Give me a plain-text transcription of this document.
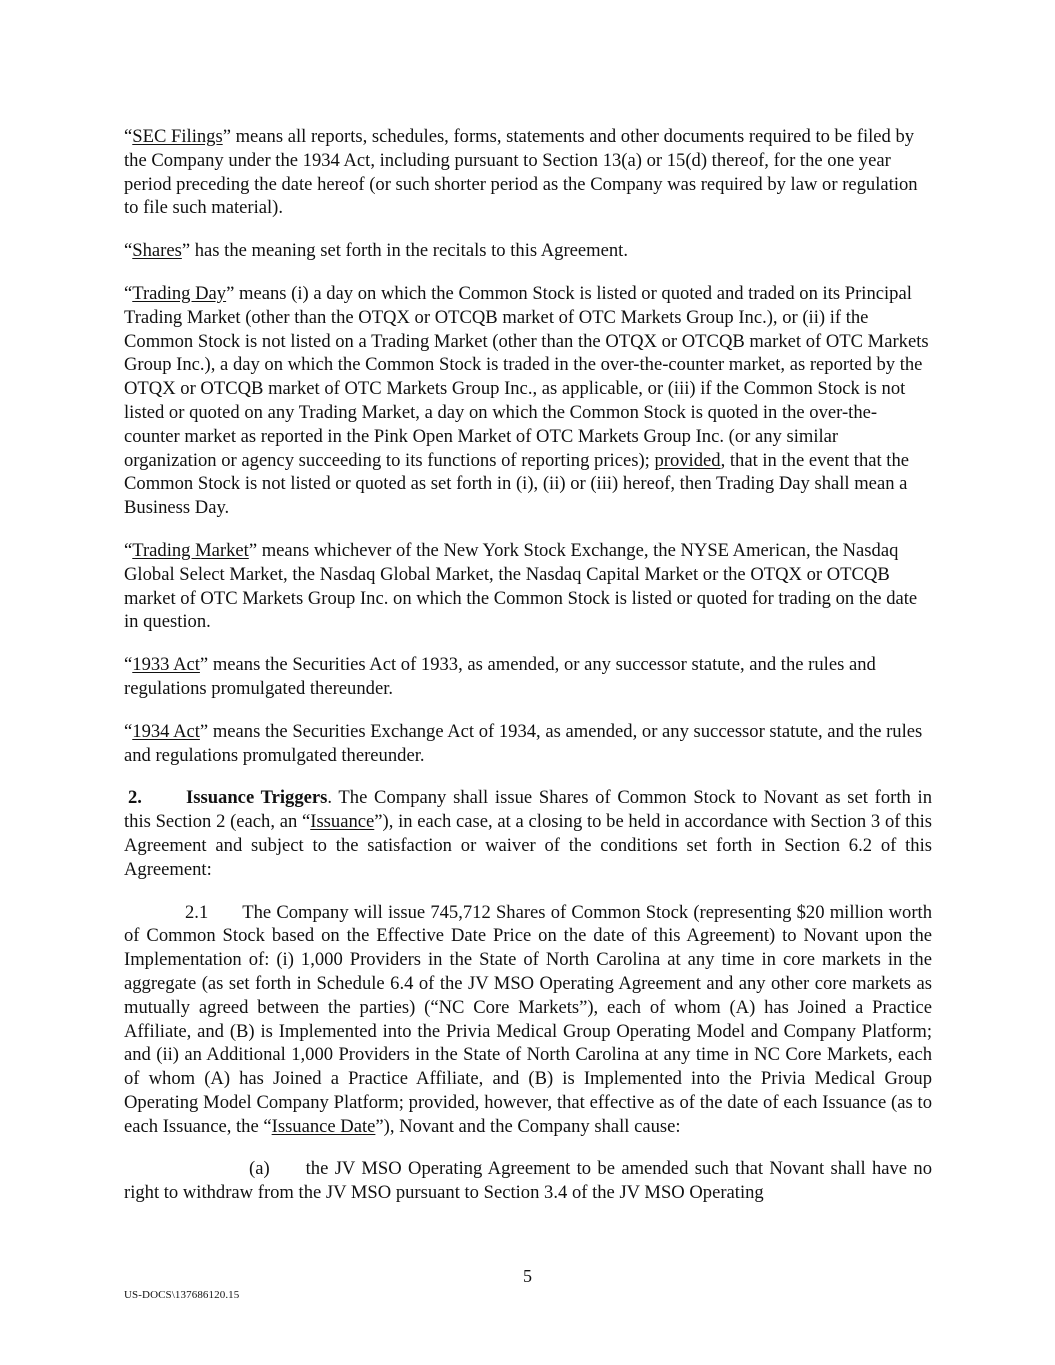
“SEC Filings” means all reports, schedules, forms, statements and other documents required to be filed by the Company under the 1934 Act, including pursuant to Section 13(a) or 15(d) thereof, for the one year period preceding the date hereof (or such shorter period as the Company was required by law or regulation to file such material).

“Shares” has the meaning set forth in the recitals to this Agreement.

“Trading Day” means (i) a day on which the Common Stock is listed or quoted and traded on its Principal Trading Market (other than the OTQX or OTCQB market of OTC Markets Group Inc.), or (ii) if the Common Stock is not listed on a Trading Market (other than the OTQX or OTCQB market of OTC Markets Group Inc.), a day on which the Common Stock is traded in the over-the-counter market, as reported by the OTQX or OTCQB market of OTC Markets Group Inc., as applicable, or (iii) if the Common Stock is not listed or quoted on any Trading Market, a day on which the Common Stock is quoted in the over-the-counter market as reported in the Pink Open Market of OTC Markets Group Inc. (or any similar organization or agency succeeding to its functions of reporting prices); provided, that in the event that the Common Stock is not listed or quoted as set forth in (i), (ii) or (iii) hereof, then Trading Day shall mean a Business Day.

“Trading Market” means whichever of the New York Stock Exchange, the NYSE American, the Nasdaq Global Select Market, the Nasdaq Global Market, the Nasdaq Capital Market or the OTQX or OTCQB market of OTC Markets Group Inc. on which the Common Stock is listed or quoted for trading on the date in question.

“1933 Act” means the Securities Act of 1933, as amended, or any successor statute, and the rules and regulations promulgated thereunder.

“1934 Act” means the Securities Exchange Act of 1934, as amended, or any successor statute, and the rules and regulations promulgated thereunder.

2. Issuance Triggers. The Company shall issue Shares of Common Stock to Novant as set forth in this Section 2 (each, an “Issuance”), in each case, at a closing to be held in accordance with Section 3 of this Agreement and subject to the satisfaction or waiver of the conditions set forth in Section 6.2 of this Agreement:

2.1 The Company will issue 745,712 Shares of Common Stock (representing $20 million worth of Common Stock based on the Effective Date Price on the date of this Agreement) to Novant upon the Implementation of: (i) 1,000 Providers in the State of North Carolina at any time in core markets in the aggregate (as set forth in Schedule 6.4 of the JV MSO Operating Agreement and any other core markets as mutually agreed between the parties) (“NC Core Markets”), each of whom (A) has Joined a Practice Affiliate, and (B) is Implemented into the Privia Medical Group Operating Model and Company Platform; and (ii) an Additional 1,000 Providers in the State of North Carolina at any time in NC Core Markets, each of whom (A) has Joined a Practice Affiliate, and (B) is Implemented into the Privia Medical Group Operating Model Company Platform; provided, however, that effective as of the date of each Issuance (as to each Issuance, the “Issuance Date”), Novant and the Company shall cause:

(a) the JV MSO Operating Agreement to be amended such that Novant shall have no right to withdraw from the JV MSO pursuant to Section 3.4 of the JV MSO Operating

5
US-DOCS\137686120.15
